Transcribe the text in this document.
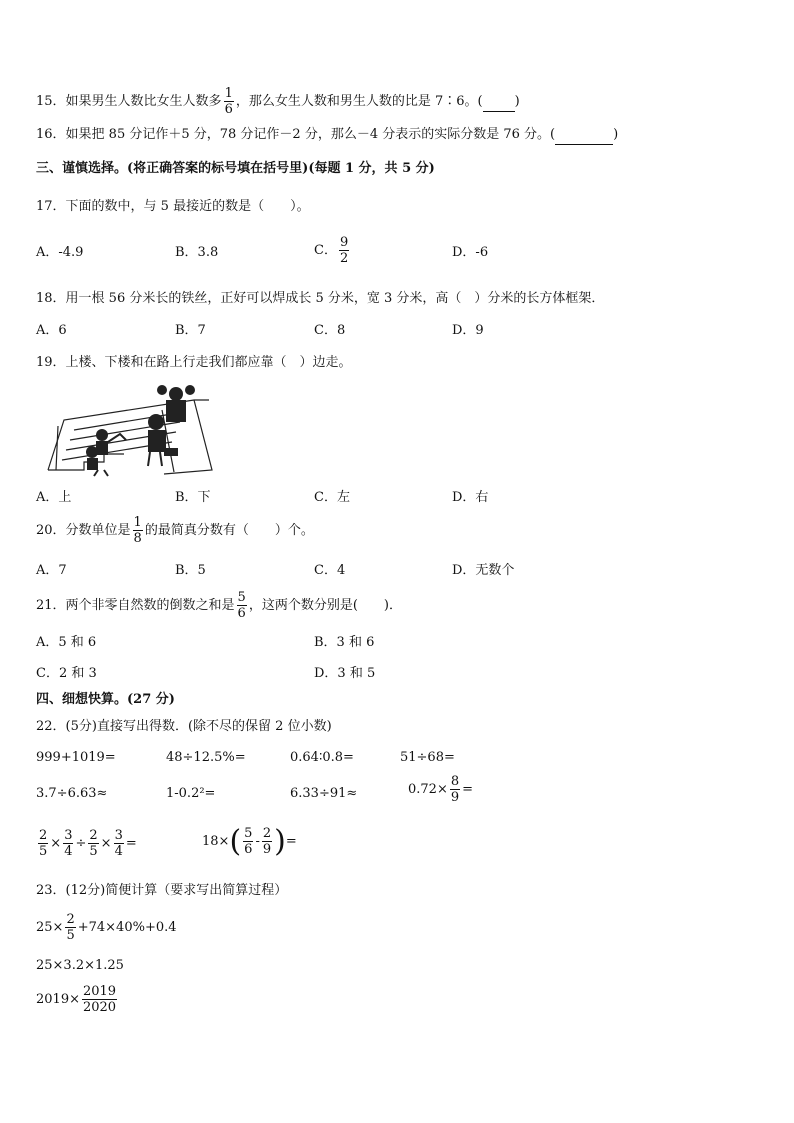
15．如果男生人数比女生人数多 $\frac{1}{6}$ ，那么女生人数和男生人数的比是 7∶6。( )
16．如果把 85 分记作＋5 分，78 分记作－2 分，那么－4 分表示的实际分数是 76 分。(	)
三、谨慎选择。(将正确答案的标号填在括号里)(每题 1 分，共 5 分)
17．下面的数中，与 5 最接近的数是（　　）。
A．-4.9	B．3.8	C． $\frac{9}{2}$	D．-6
18．用一根 56 分米长的铁丝，正好可以焊成长 5 分米，宽 3 分米，高（　）分米的长方体框架．
A．6	B．7	C．8	D．9
19．上楼、下楼和在路上行走我们都应靠（　）边走。
A．上	B．下	C．左	D．右
20．分数单位是 $\frac{1}{8}$ 的最简真分数有（　　）个。
A．7	B．5	C．4	D．无数个
21．两个非零自然数的倒数之和是 $\frac{5}{6}$ ，这两个数分别是(　　)．
A．5 和 6	B．3 和 6
C．2 和 3	D．3 和 5
四、细想快算。(27 分)
22．(5分)直接写出得数．(除不尽的保留 2 位小数)
999+1019=	48÷12.5%=	0.64∶0.8=	51÷68=
3.7÷6.63≈	1-0.2²=	6.33÷91≈	$0.72\times \frac{8}{9}$ =
$\frac{2}{5} \times \frac{3}{4} \div \frac{2}{5} \times \frac{3}{4}$ =	$18\times( \frac{5}{6} - \frac{2}{9}$ )=
23．(12分)简便计算（要求写出简算过程）
$25\times \frac{2}{5} +74\times 40\%+0.4$
25×3.2×1.25
$2019\times \frac{2019}{2020}$
